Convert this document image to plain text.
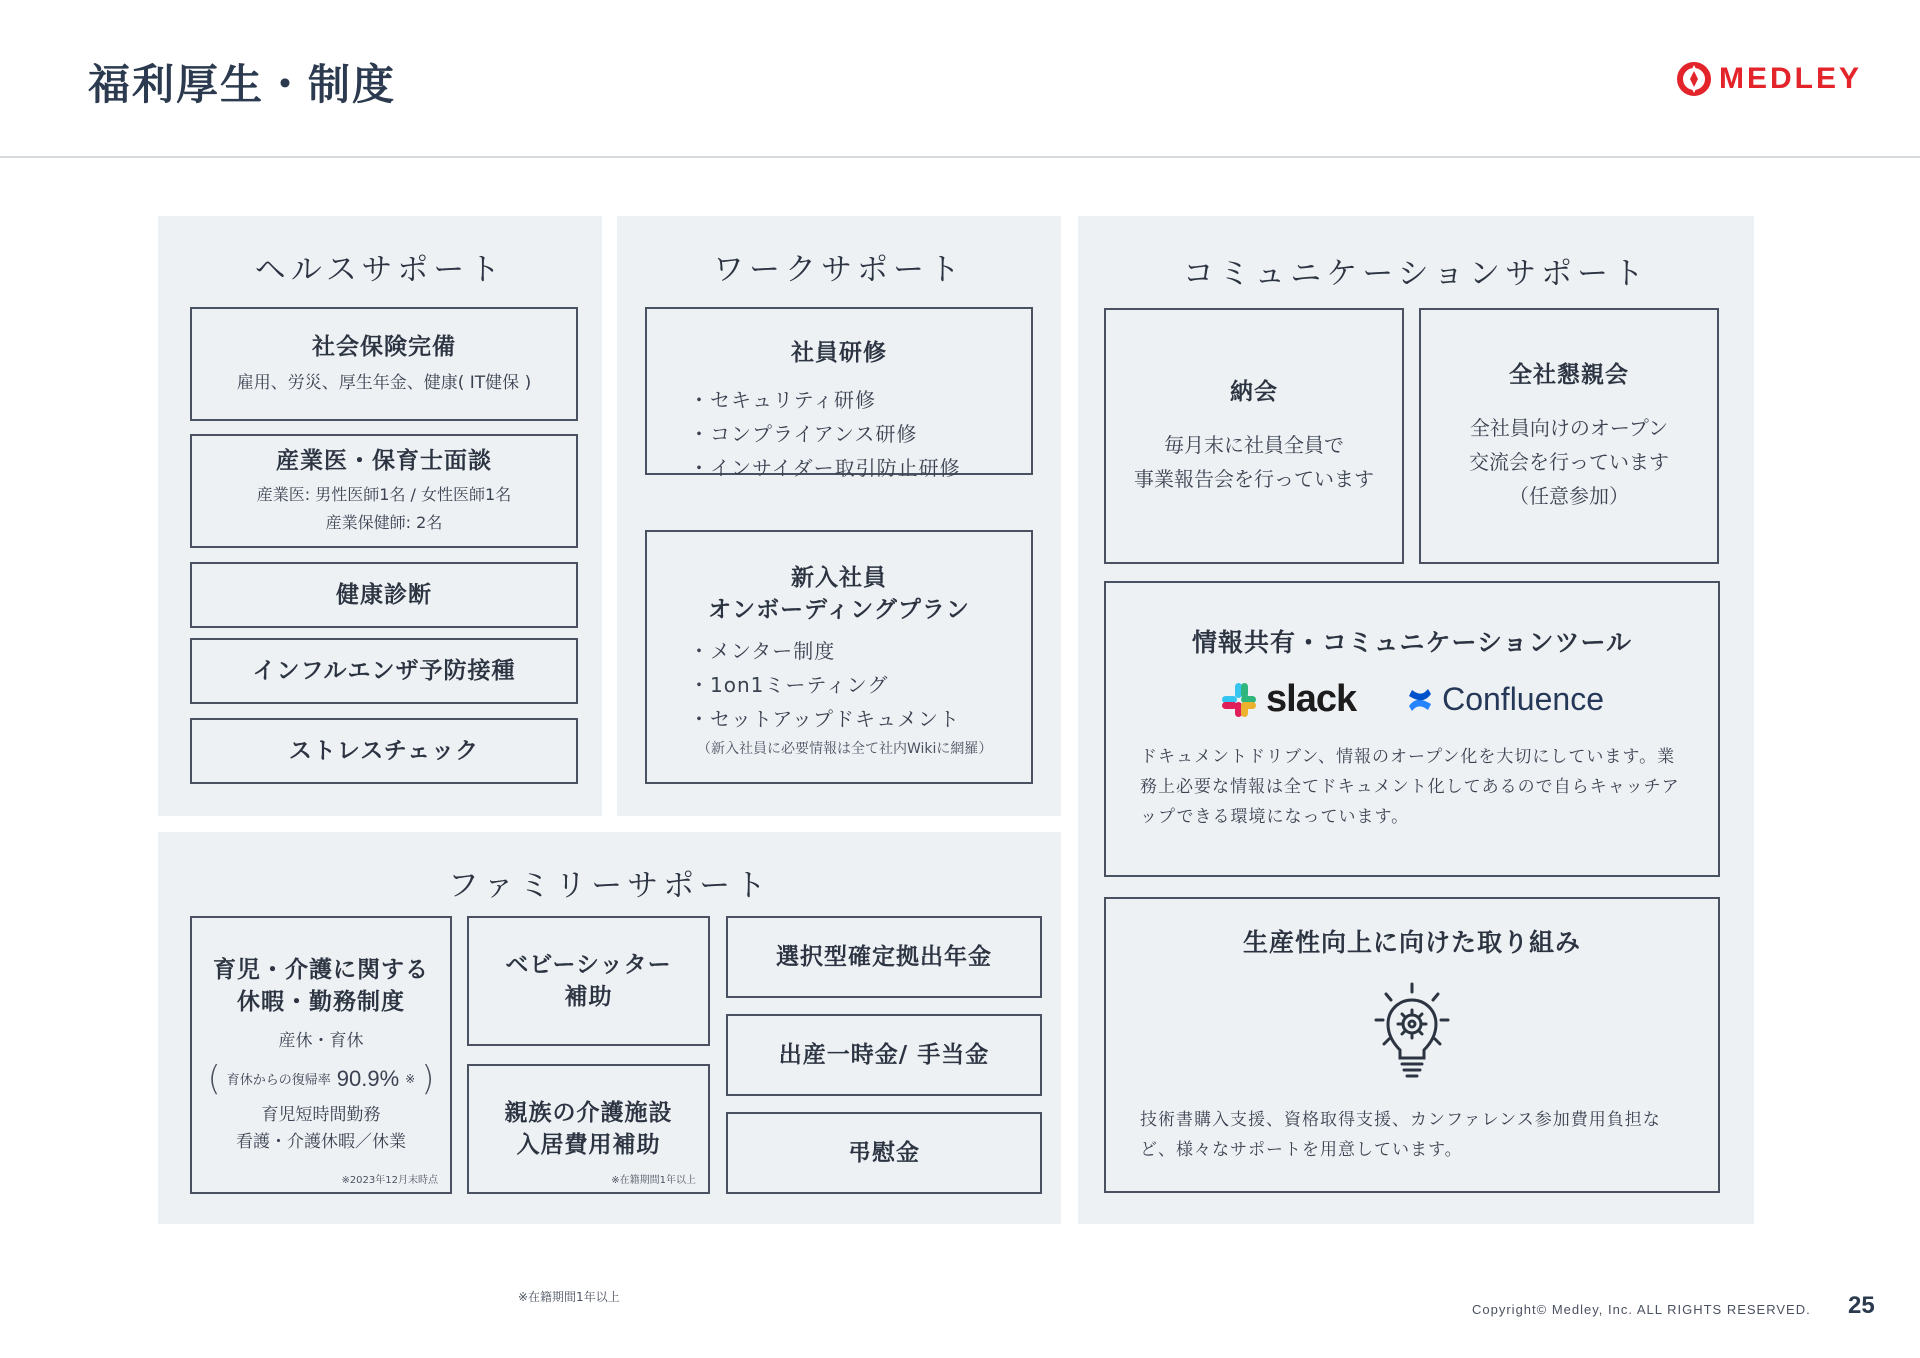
福利厚生・制度	MEDLEY
ヘルスサポート
社会保険完備
雇用、労災、厚生年金、健康( IT健保 )
産業医・保育士面談
産業医: 男性医師1名 / 女性医師1名
産業保健師: 2名
健康診断
インフルエンザ予防接種
ストレスチェック
ワークサポート
社員研修
・セキュリティ研修
・コンプライアンス研修
・インサイダー取引防止研修
新入社員
オンボーディングプラン
・メンター制度
・1on1ミーティング
・セットアップドキュメント
（新入社員に必要情報は全て社内Wikiに網羅）
コミュニケーションサポート
納会
毎月末に社員全員で
事業報告会を行っています
全社懇親会
全社員向けのオープン
交流会を行っています
（任意参加）
情報共有・コミュニケーションツール
slack	Confluence
ドキュメントドリブン、情報のオープン化を大切にしています。業務上必要な情報は全てドキュメント化してあるので自らキャッチアップできる環境になっています。
生産性向上に向けた取り組み
技術書購入支援、資格取得支援、カンファレンス参加費用負担など、様々なサポートを用意しています。
ファミリーサポート
育児・介護に関する
休暇・勤務制度
産休・育休
( 育休からの復帰率 90.9% ※ )
育児短時間勤務
看護・介護休暇／休業
※2023年12月末時点
ベビーシッター
補助
親族の介護施設
入居費用補助
※在籍期間1年以上
選択型確定拠出年金
出産一時金/ 手当金
弔慰金
※在籍期間1年以上
Copyright© Medley, Inc. ALL RIGHTS RESERVED. 25
